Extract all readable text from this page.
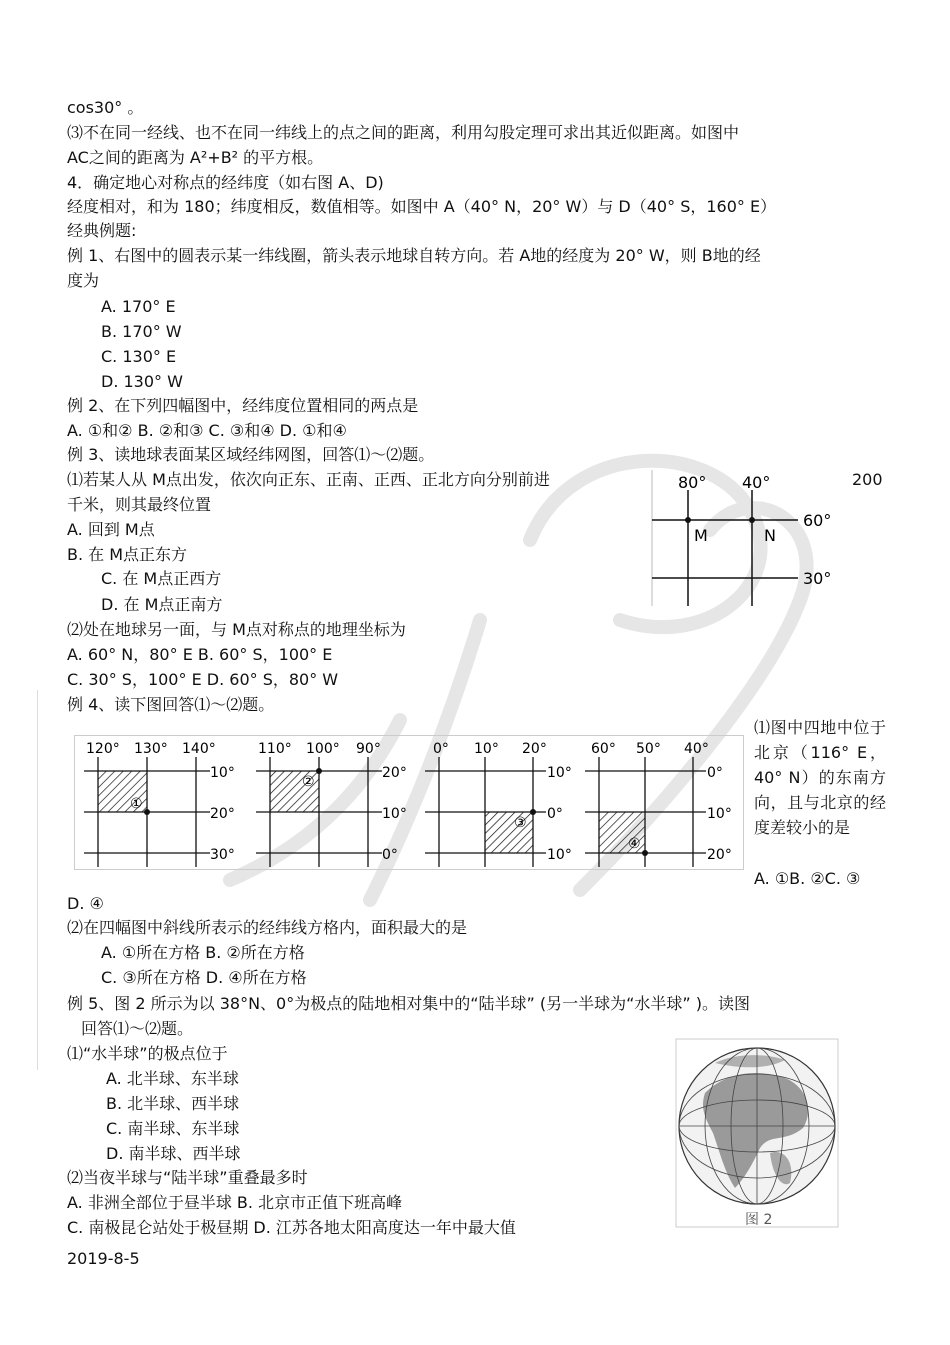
cos30° 。
⑶不在同一经线、也不在同一纬线上的点之间的距离，利用勾股定理可求出其近似距离。如图中
AC之间的距离为 A²+B² 的平方根。
4．确定地心对称点的经纬度（如右图 A、D)
经度相对，和为 180；纬度相反，数值相等。如图中 A（40° N，20° W）与 D（40° S，160° E）
经典例题:
例 1、右图中的圆表示某一纬线圈，箭头表示地球自转方向。若 A地的经度为 20° W，则 B地的经
度为
A. 170° E
B. 170° W
C. 130° E
D. 130° W
例 2、在下列四幅图中，经纬度位置相同的两点是
A. ①和② B. ②和③ C. ③和④ D. ①和④
例 3、读地球表面某区域经纬网图，回答⑴～⑵题。
⑴若某人从 M点出发，依次向正东、正南、正西、正北方向分别前进	200
千米，则其最终位置
A. 回到 M点
B. 在 M点正东方
C. 在 M点正西方
D. 在 M点正南方
⑵处在地球另一面，与 M点对称点的地理坐标为
A. 60° N，80° E B. 60° S，100° E
C. 30° S，100° E D. 60° S，80° W
例 4、读下图回答⑴～⑵题。
⑴图中四地中位于北京（116° E，40° N）的东南方向，且与北京的经度差较小的是
A. ①B. ②C. ③
D. ④
⑵在四幅图中斜线所表示的经纬线方格内，面积最大的是
A. ①所在方格 B. ②所在方格
C. ③所在方格 D. ④所在方格
例 5、图 2 所示为以 38°N、0°为极点的陆地相对集中的“陆半球” (另一半球为“水半球” )。读图
回答⑴～⑵题。
⑴“水半球”的极点位于
A. 北半球、东半球
B. 北半球、西半球
C. 南半球、东半球
D. 南半球、西半球
⑵当夜半球与“陆半球”重叠最多时
A. 非洲全部位于昼半球 B. 北京市正值下班高峰
C. 南极昆仑站处于极昼期 D. 江苏各地太阳高度达一年中最大值
2019-8-5
80° 40°
60°
30°
M	N
120° 130° 140°
10°
20°
30°
①
110° 100° 90°
20°
10°
0°
②
0° 10° 20°
10°
0°
10°
③
60° 50° 40°
0°
10°
20°
④
图 2
